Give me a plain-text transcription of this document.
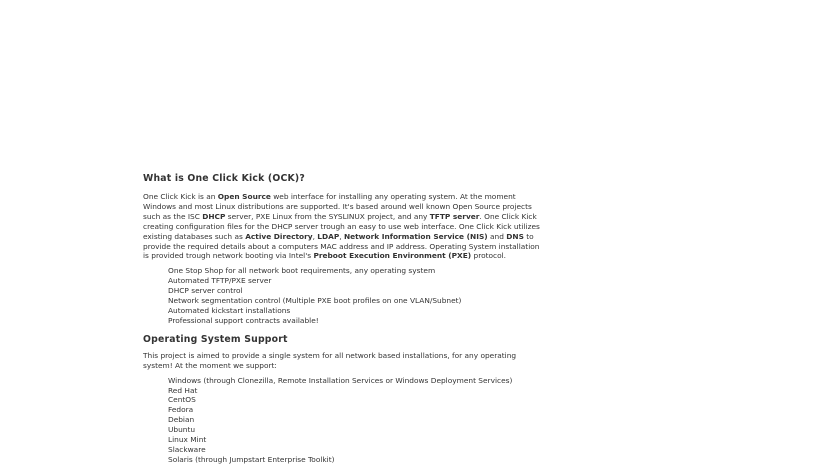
What is One Click Kick (OCK)?

One Click Kick is an Open Source web interface for installing any operating system. At the moment Windows and most Linux distributions are supported. It's based around well known Open Source projects such as the ISC DHCP server, PXE Linux from the SYSLINUX project, and any TFTP server. One Click Kick creating configuration files for the DHCP server trough an easy to use web interface. One Click Kick utilizes existing databases such as Active Directory, LDAP, Network Information Service (NIS) and DNS to provide the required details about a computers MAC address and IP address. Operating System installation is provided trough network booting via Intel's Preboot Execution Environment (PXE) protocol.

One Stop Shop for all network boot requirements, any operating system
Automated TFTP/PXE server
DHCP server control
Network segmentation control (Multiple PXE boot profiles on one VLAN/Subnet)
Automated kickstart installations
Professional support contracts available!
Operating System Support

This project is aimed to provide a single system for all network based installations, for any operating system! At the moment we support:

Windows (through Clonezilla, Remote Installation Services or Windows Deployment Services)
Red Hat
CentOS
Fedora
Debian
Ubuntu
Linux Mint
Slackware
Solaris (through Jumpstart Enterprise Toolkit)
